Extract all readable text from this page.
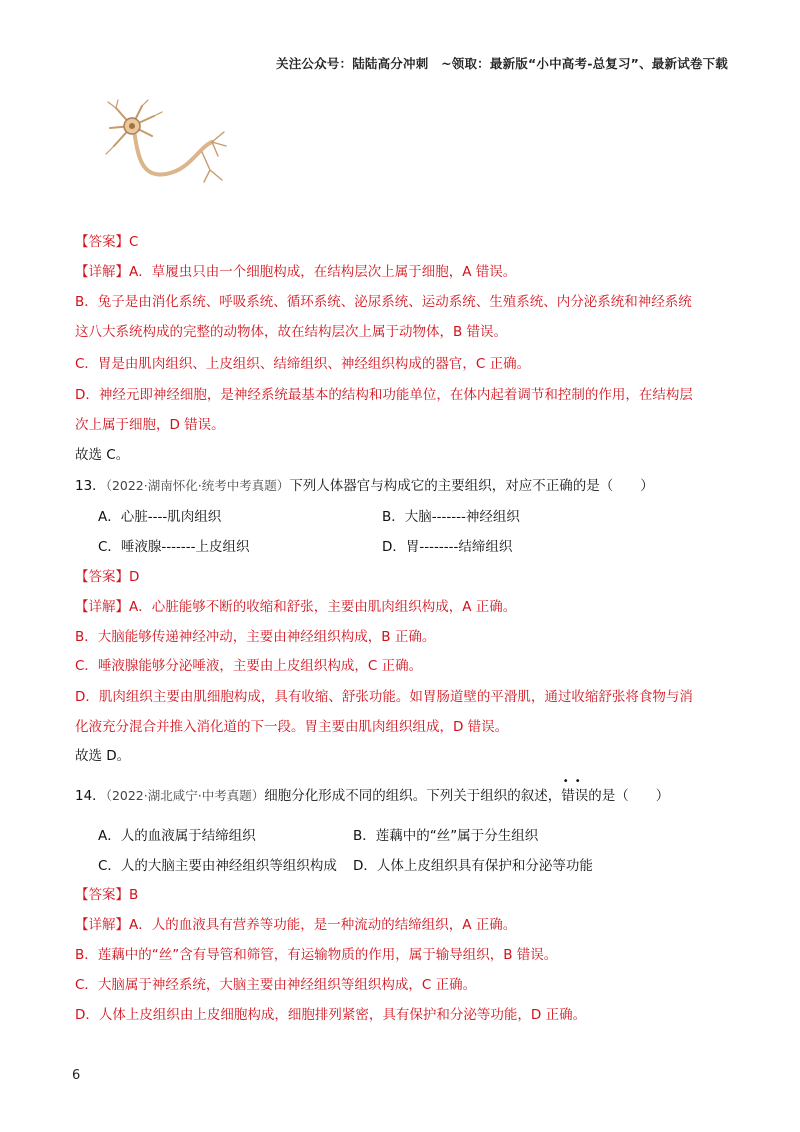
关注公众号：陆陆高分冲刺　~领取：最新版“小中高考-总复习”、最新试卷下载
【答案】C
【详解】A．草履虫只由一个细胞构成，在结构层次上属于细胞，A 错误。
B．兔子是由消化系统、呼吸系统、循环系统、泌尿系统、运动系统、生殖系统、内分泌系统和神经系统
这八大系统构成的完整的动物体，故在结构层次上属于动物体，B 错误。
C．胃是由肌肉组织、上皮组织、结缔组织、神经组织构成的器官，C 正确。
D．神经元即神经细胞，是神经系统最基本的结构和功能单位，在体内起着调节和控制的作用，在结构层
次上属于细胞，D 错误。
故选 C。
13．（2022·湖南怀化·统考中考真题）下列人体器官与构成它的主要组织，对应不正确的是（　　）
A．心脏----肌肉组织	B．大脑-------神经组织
C．唾液腺-------上皮组织	D．胃--------结缔组织
【答案】D
【详解】A．心脏能够不断的收缩和舒张，主要由肌肉组织构成，A 正确。
B．大脑能够传递神经冲动，主要由神经组织构成，B 正确。
C．唾液腺能够分泌唾液，主要由上皮组织构成，C 正确。
D．肌肉组织主要由肌细胞构成，具有收缩、舒张功能。如胃肠道壁的平滑肌，通过收缩舒张将食物与消
化液充分混合并推入消化道的下一段。胃主要由肌肉组织组成，D 错误。
故选 D。
14．（2022·湖北咸宁·中考真题）细胞分化形成不同的组织。下列关于组织的叙述，
••
错误的是（　　）
A．人的血液属于结缔组织	B．莲藕中的“丝”属于分生组织
C．人的大脑主要由神经组织等组织构成 D．人体上皮组织具有保护和分泌等功能
【答案】B
【详解】A．人的血液具有营养等功能，是一种流动的结缔组织，A 正确。
B．莲藕中的“丝”含有导管和筛管，有运输物质的作用，属于输导组织，B 错误。
C．大脑属于神经系统，大脑主要由神经组织等组织构成，C 正确。
D．人体上皮组织由上皮细胞构成，细胞排列紧密，具有保护和分泌等功能，D 正确。
6
